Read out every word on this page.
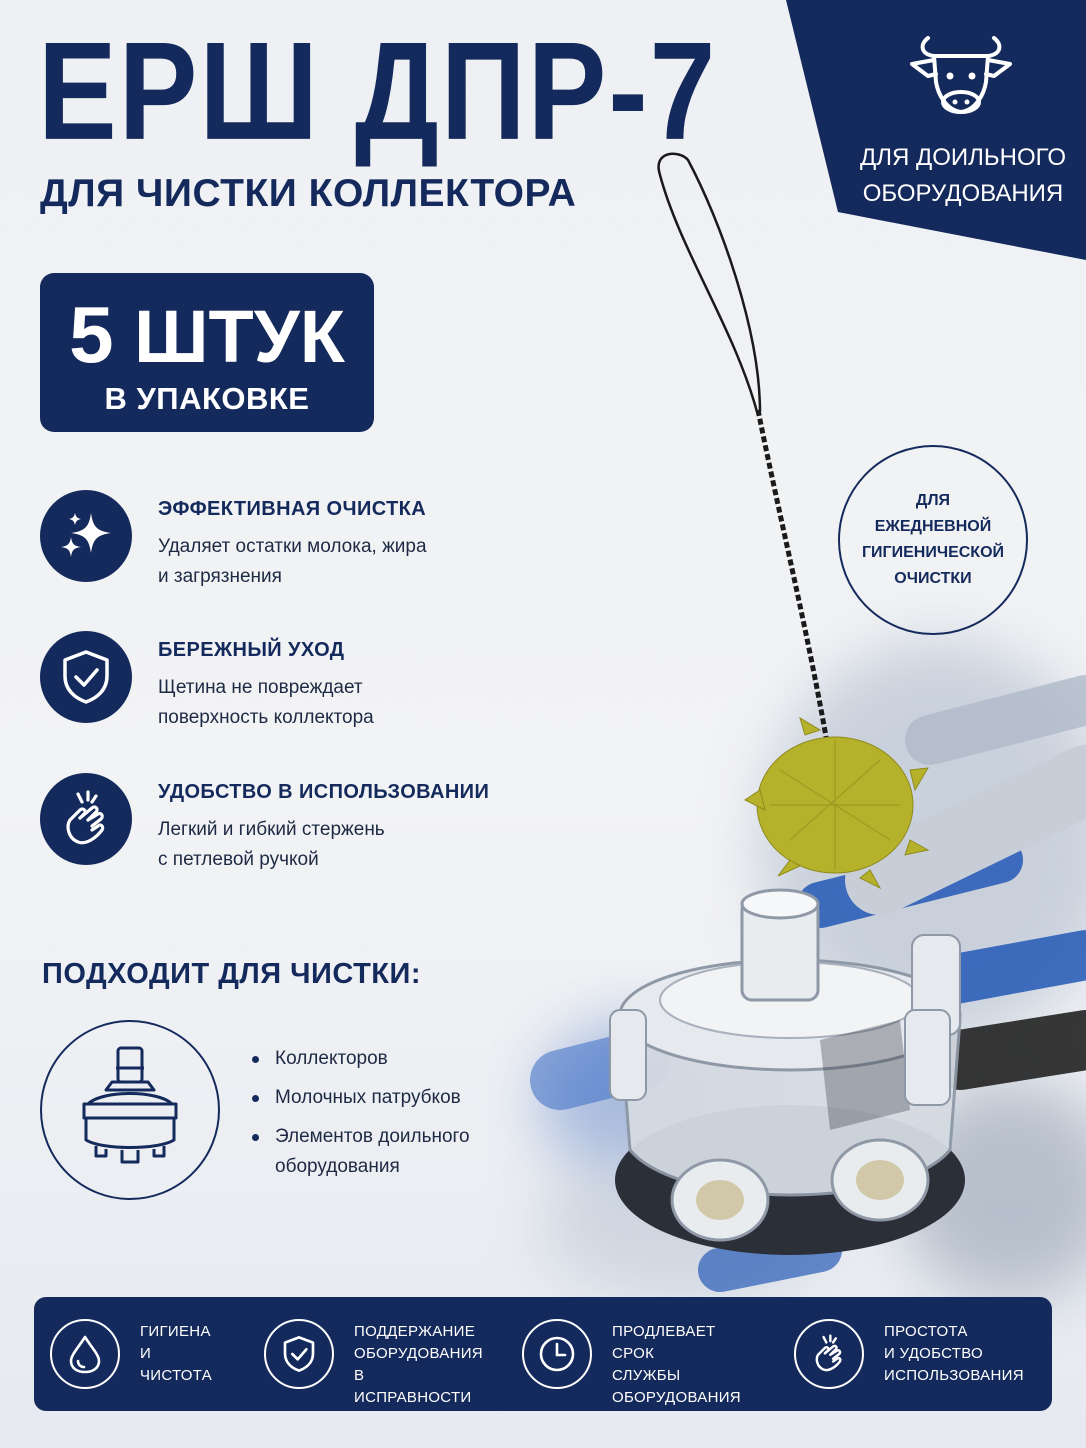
ДЛЯ ДОИЛЬНОГО
ОБОРУДОВАНИЯ
ЕРШ ДПР-7
ДЛЯ ЧИСТКИ КОЛЛЕКТОРА
5 ШТУК
В УПАКОВКЕ
ЭФФЕКТИВНАЯ ОЧИСТКА
Удаляет остатки молока, жира
и загрязнения
БЕРЕЖНЫЙ УХОД
Щетина не повреждает
поверхность коллектора
УДОБСТВО В ИСПОЛЬЗОВАНИИ
Легкий и гибкий стержень
с петлевой ручкой
ДЛЯ
ЕЖЕДНЕВНОЙ
ГИГИЕНИЧЕСКОЙ
ОЧИСТКИ
ПОДХОДИТ ДЛЯ ЧИСТКИ:
Коллекторов
Молочных патрубков
Элементов доильного оборудования
ГИГИЕНА
И ЧИСТОТА
ПОДДЕРЖАНИЕ
ОБОРУДОВАНИЯ
В ИСПРАВНОСТИ
ПРОДЛЕВАЕТ СРОК
СЛУЖБЫ
ОБОРУДОВАНИЯ
ПРОСТОТА
И УДОБСТВО
ИСПОЛЬЗОВАНИЯ
